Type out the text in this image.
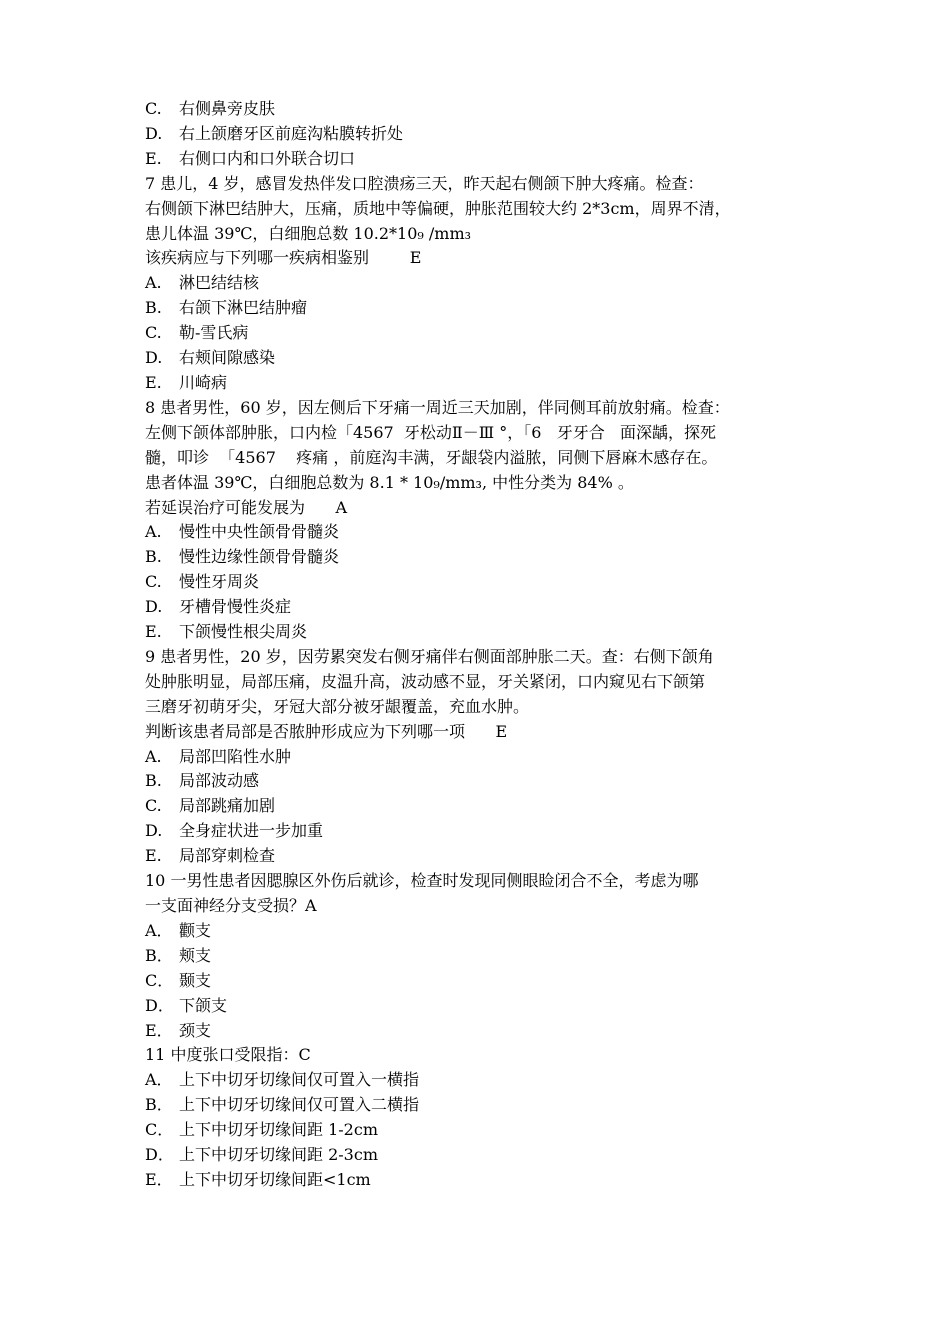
C. 右侧鼻旁皮肤

D. 右上颌磨牙区前庭沟粘膜转折处

E. 右侧口内和口外联合切口

7 患儿，4 岁，感冒发热伴发口腔溃疡三天，昨天起右侧颌下肿大疼痛。检查：

右侧颌下淋巴结肿大，压痛，质地中等偏硬，肿胀范围较大约 2*3cm，周界不清，

患儿体温 39℃，白细胞总数 10.2*10₉ /mm₃

该疾病应与下列哪一疾病相鉴别	E

A. 淋巴结结核

B. 右颌下淋巴结肿瘤

C. 勒-雪氏病

D. 右颊间隙感染

E. 川崎病

8 患者男性，60 岁，因左侧后下牙痛一周近三天加剧，伴同侧耳前放射痛。检查：

左侧下颌体部肿胀，口内检「4567  牙松动Ⅱ－Ⅲ °，「6   牙牙合   面深龋，探死

髓，叩诊  「4567    疼痛 ，前庭沟丰满，牙龈袋内溢脓，同侧下唇麻木感存在。

患者体温 39℃，白细胞总数为 8.1 * 10₉/mm₃, 中性分类为 84% 。

若延误治疗可能发展为 A

A. 慢性中央性颌骨骨髓炎

B. 慢性边缘性颌骨骨髓炎

C. 慢性牙周炎

D. 牙槽骨慢性炎症

E. 下颌慢性根尖周炎

9 患者男性，20 岁，因劳累突发右侧牙痛伴右侧面部肿胀二天。查：右侧下颌角

处肿胀明显，局部压痛，皮温升高，波动感不显，牙关紧闭，口内窥见右下颌第

三磨牙初萌牙尖，牙冠大部分被牙龈覆盖，充血水肿。

判断该患者局部是否脓肿形成应为下列哪一项 E

A. 局部凹陷性水肿

B. 局部波动感

C. 局部跳痛加剧

D. 全身症状进一步加重

E. 局部穿刺检查

10 一男性患者因腮腺区外伤后就诊，检查时发现同侧眼睑闭合不全，考虑为哪

一支面神经分支受损？A

A． 颧支

B． 颊支

C． 颞支

D． 下颌支

E． 颈支

11 中度张口受限指：C

A． 上下中切牙切缘间仅可置入一横指

B． 上下中切牙切缘间仅可置入二横指

C． 上下中切牙切缘间距 1-2cm

D． 上下中切牙切缘间距 2-3cm

E． 上下中切牙切缘间距<1cm
